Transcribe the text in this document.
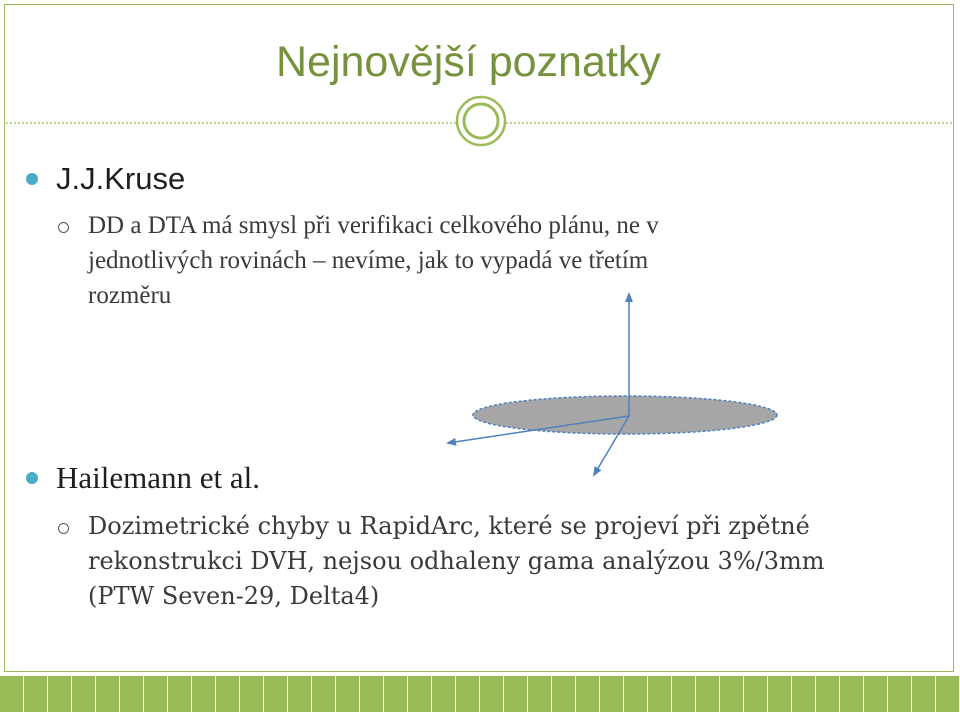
Nejnovější poznatky
J.J.Kruse
DD a DTA má smysl při verifikaci celkového plánu, ne v
jednotlivých rovinách – nevíme, jak to vypadá ve třetím
rozměru
Hailemann et al.
Dozimetrické chyby u RapidArc, které se projeví při zpětné
rekonstrukci DVH, nejsou odhaleny gama analýzou 3%/3mm
(PTW Seven-29, Delta4)
